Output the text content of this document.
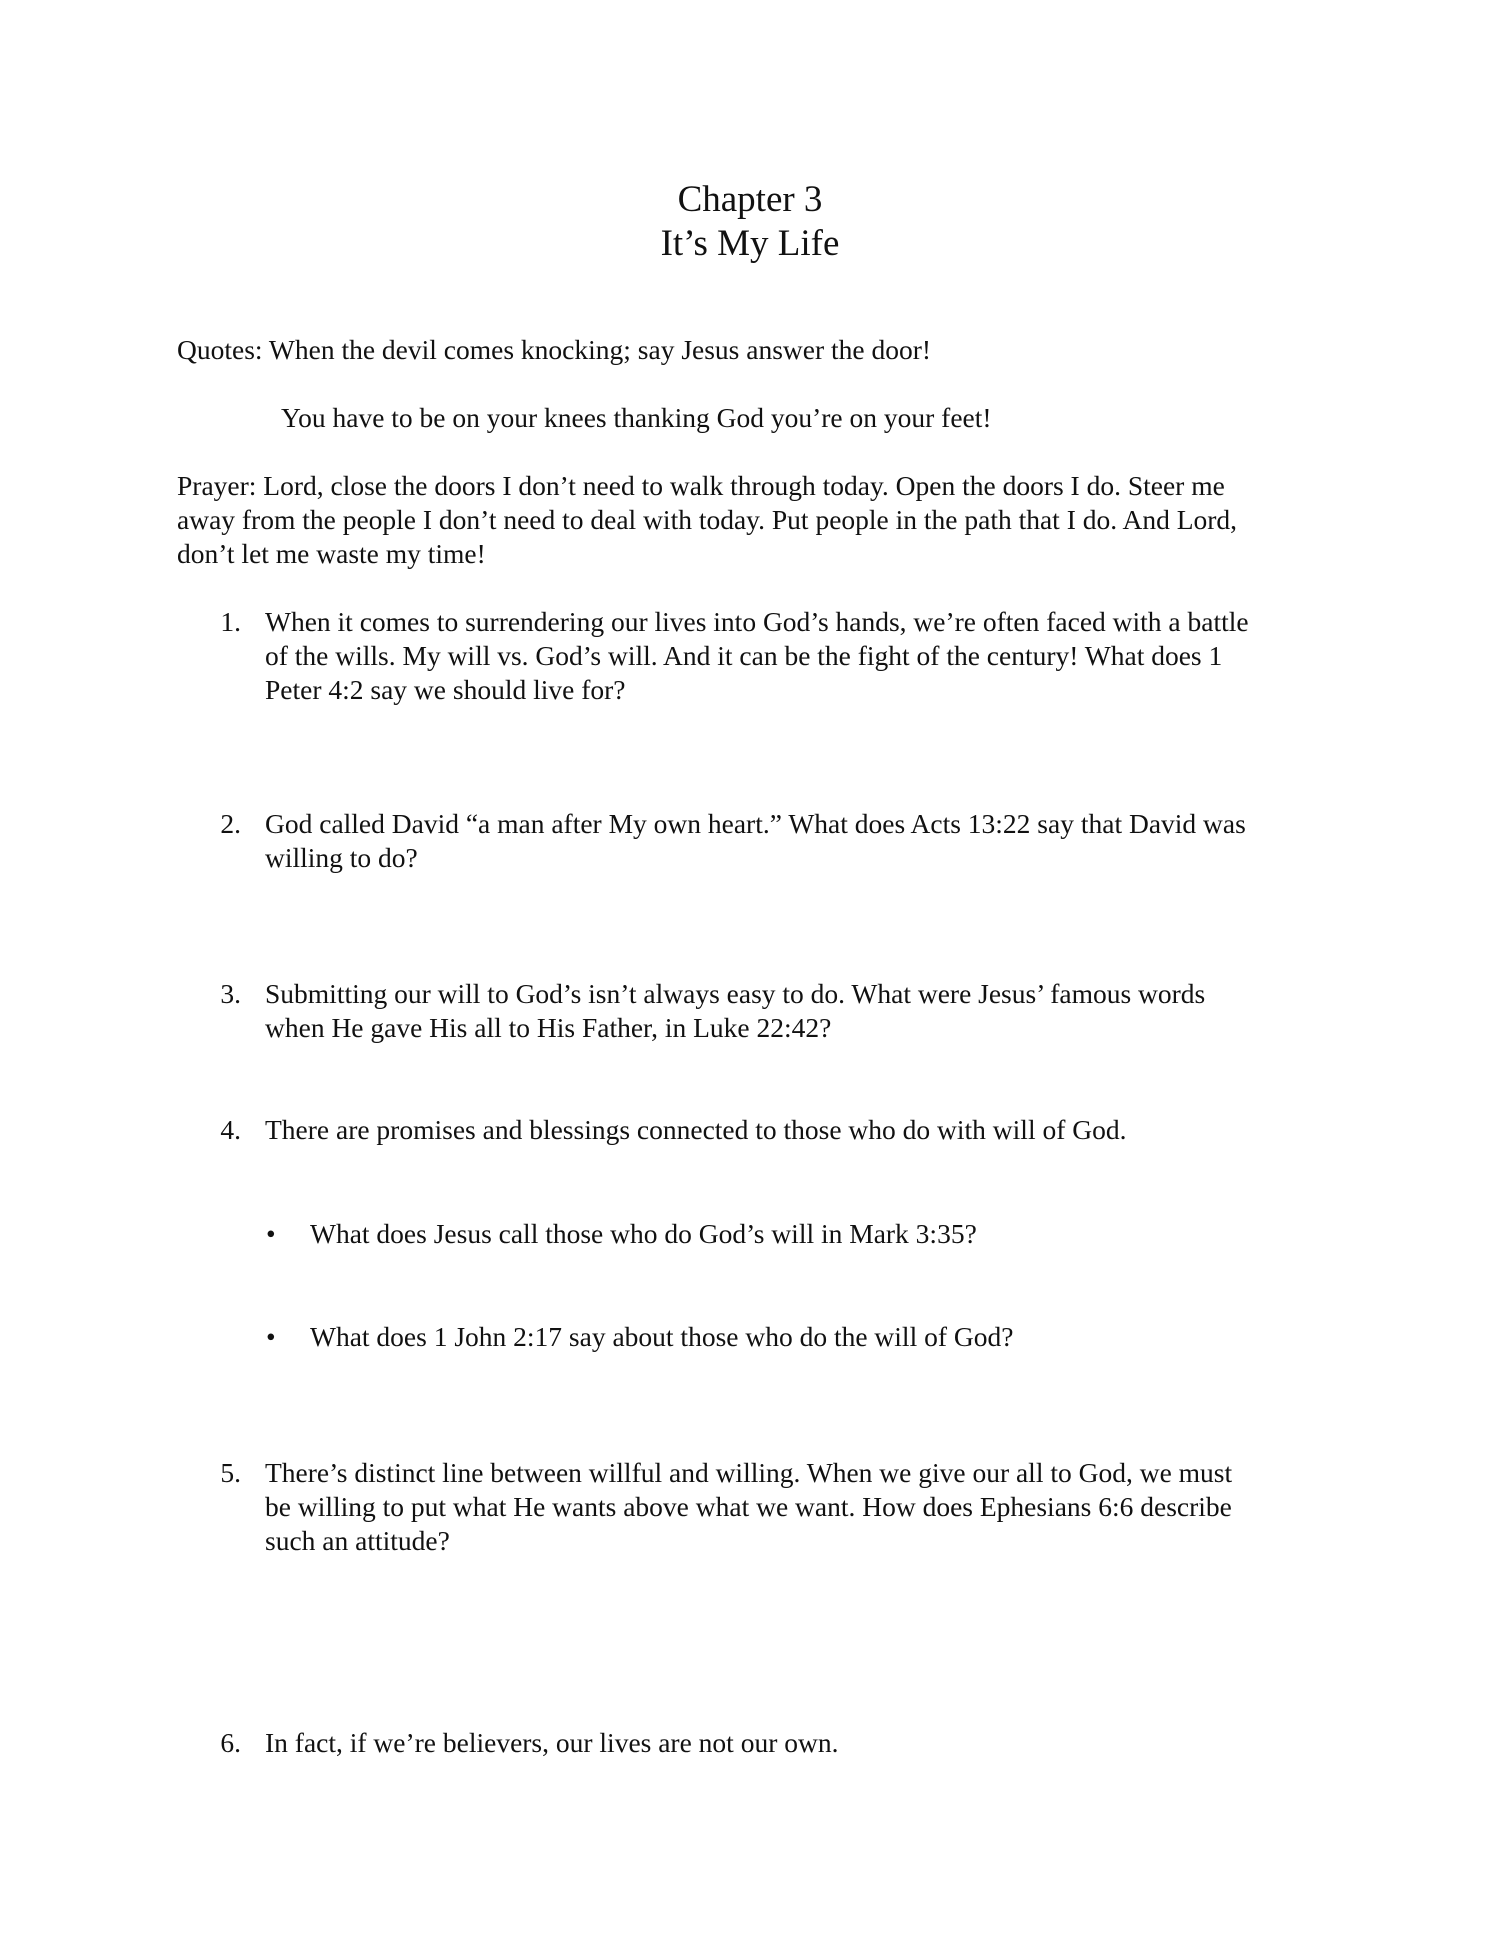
Chapter 3

It’s My Life

Quotes: When the devil comes knocking; say Jesus answer the door!

You have to be on your knees thanking God you’re on your feet!

Prayer: Lord, close the doors I don’t need to walk through today. Open the doors I do. Steer me

away from the people I don’t need to deal with today. Put people in the path that I do. And Lord,

don’t let me waste my time!

1. When it comes to surrendering our lives into God’s hands, we’re often faced with a battle

of the wills. My will vs. God’s will. And it can be the fight of the century! What does 1

Peter 4:2 say we should live for?

2. God called David “a man after My own heart.” What does Acts 13:22 say that David was

willing to do?

3. Submitting our will to God’s isn’t always easy to do. What were Jesus’ famous words

when He gave His all to His Father, in Luke 22:42?

4. There are promises and blessings connected to those who do with will of God.

• What does Jesus call those who do God’s will in Mark 3:35?

• What does 1 John 2:17 say about those who do the will of God?

5. There’s distinct line between willful and willing. When we give our all to God, we must

be willing to put what He wants above what we want. How does Ephesians 6:6 describe

such an attitude?

6. In fact, if we’re believers, our lives are not our own.
